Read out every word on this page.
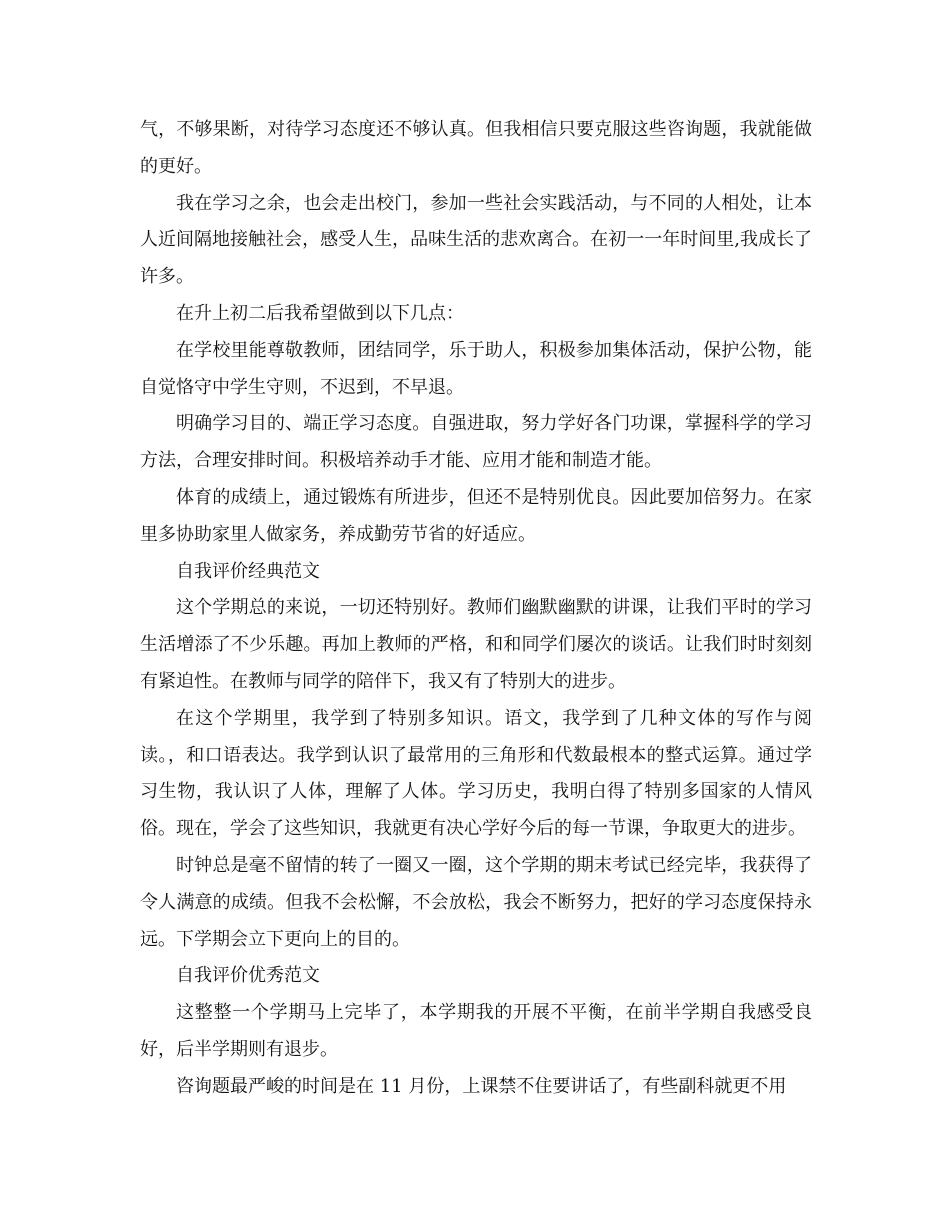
气，不够果断，对待学习态度还不够认真。但我相信只要克服这些咨询题，我就能做的更好。

我在学习之余，也会走出校门，参加一些社会实践活动，与不同的人相处，让本人近间隔地接触社会，感受人生，品味生活的悲欢离合。在初一一年时间里,我成长了许多。

在升上初二后我希望做到以下几点：

在学校里能尊敬教师，团结同学，乐于助人，积极参加集体活动，保护公物，能自觉恪守中学生守则，不迟到，不早退。

明确学习目的、端正学习态度。自强进取，努力学好各门功课，掌握科学的学习方法，合理安排时间。积极培养动手才能、应用才能和制造才能。

体育的成绩上，通过锻炼有所进步，但还不是特别优良。因此要加倍努力。在家里多协助家里人做家务，养成勤劳节省的好适应。

自我评价经典范文

这个学期总的来说，一切还特别好。教师们幽默幽默的讲课，让我们平时的学习生活增添了不少乐趣。再加上教师的严格，和和同学们屡次的谈话。让我们时时刻刻有紧迫性。在教师与同学的陪伴下，我又有了特别大的进步。

在这个学期里，我学到了特别多知识。语文，我学到了几种文体的写作与阅读。，和口语表达。我学到认识了最常用的三角形和代数最根本的整式运算。通过学习生物，我认识了人体，理解了人体。学习历史，我明白得了特别多国家的人情风俗。现在，学会了这些知识，我就更有决心学好今后的每一节课，争取更大的进步。

时钟总是毫不留情的转了一圈又一圈，这个学期的期末考试已经完毕，我获得了令人满意的成绩。但我不会松懈，不会放松，我会不断努力，把好的学习态度保持永远。下学期会立下更向上的目的。

自我评价优秀范文

这整整一个学期马上完毕了，本学期我的开展不平衡，在前半学期自我感受良好，后半学期则有退步。

咨询题最严峻的时间是在 11 月份，上课禁不住要讲话了，有些副科就更不用
